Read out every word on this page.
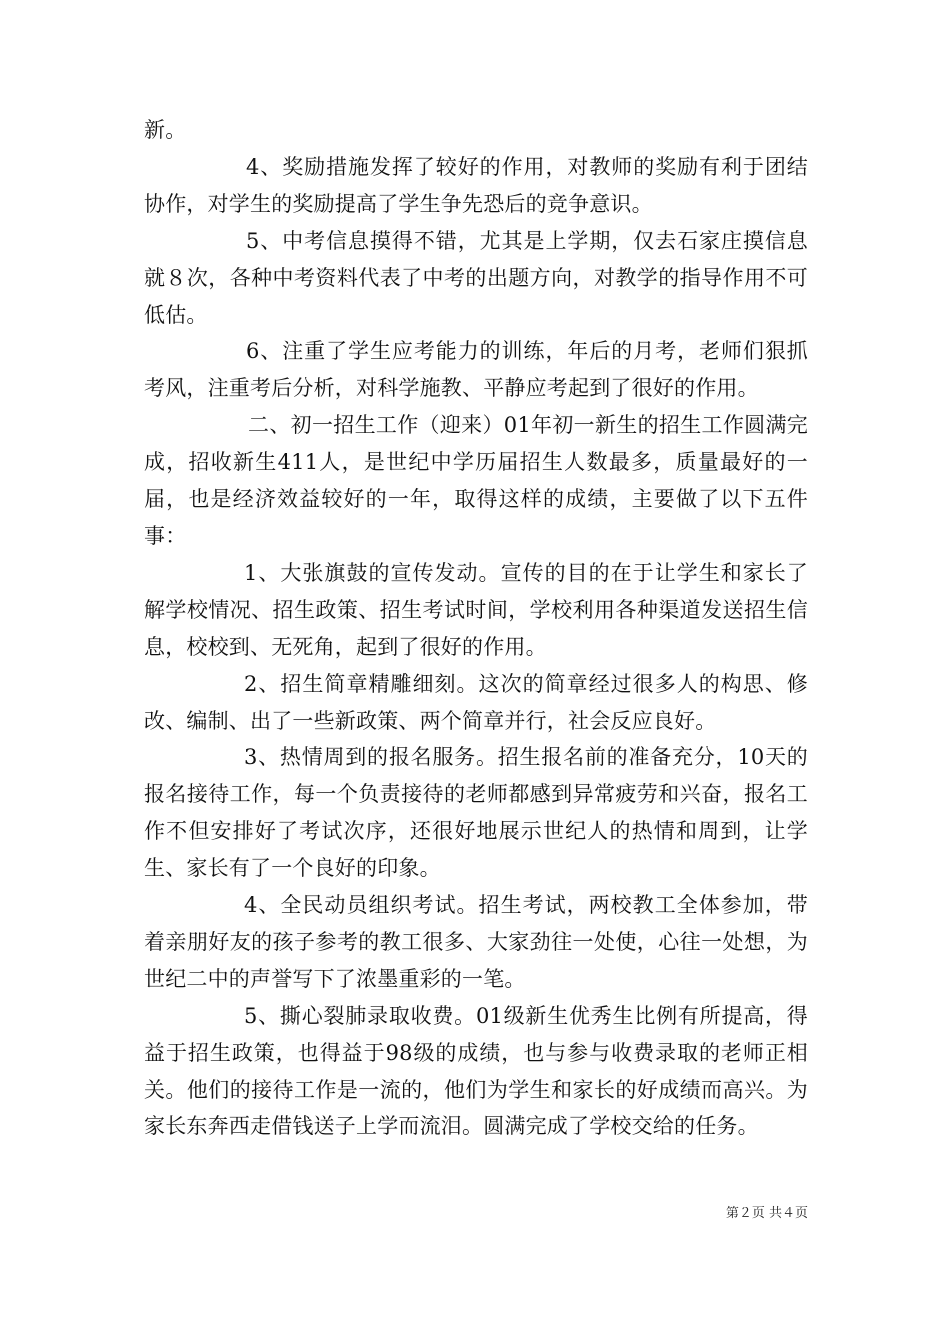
新。

4、奖励措施发挥了较好的作用，对教师的奖励有利于团结协作，对学生的奖励提高了学生争先恐后的竞争意识。

5、中考信息摸得不错，尤其是上学期，仅去石家庄摸信息就８次，各种中考资料代表了中考的出题方向，对教学的指导作用不可低估。

6、注重了学生应考能力的训练，年后的月考，老师们狠抓考风，注重考后分析，对科学施教、平静应考起到了很好的作用。

二、初一招生工作（迎来）01年初一新生的招生工作圆满完成，招收新生411人，是世纪中学历届招生人数最多，质量最好的一届，也是经济效益较好的一年，取得这样的成绩，主要做了以下五件事：

1、大张旗鼓的宣传发动。宣传的目的在于让学生和家长了解学校情况、招生政策、招生考试时间，学校利用各种渠道发送招生信息，校校到、无死角，起到了很好的作用。

2、招生简章精雕细刻。这次的简章经过很多人的构思、修改、编制、出了一些新政策、两个简章并行，社会反应良好。

3、热情周到的报名服务。招生报名前的准备充分，10天的报名接待工作，每一个负责接待的老师都感到异常疲劳和兴奋，报名工作不但安排好了考试次序，还很好地展示世纪人的热情和周到，让学生、家长有了一个良好的印象。

4、全民动员组织考试。招生考试，两校教工全体参加，带着亲朋好友的孩子参考的教工很多、大家劲往一处使，心往一处想，为世纪二中的声誉写下了浓墨重彩的一笔。

5、撕心裂肺录取收费。01级新生优秀生比例有所提高，得益于招生政策，也得益于98级的成绩，也与参与收费录取的老师正相关。他们的接待工作是一流的，他们为学生和家长的好成绩而高兴。为家长东奔西走借钱送子上学而流泪。圆满完成了学校交给的任务。

第２页 共４页
